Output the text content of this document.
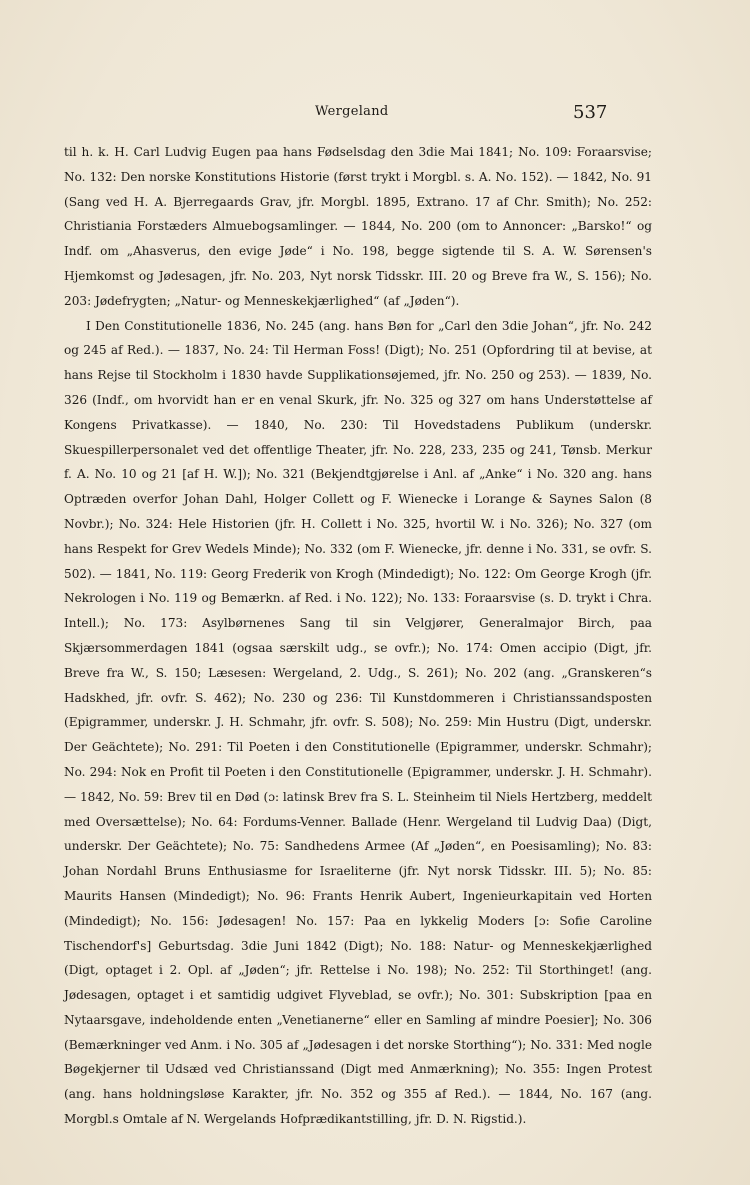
Wergeland	537

til h. k. H. Carl Ludvig Eugen paa hans Fødselsdag den 3die Mai 1841; No. 109: Foraarsvise; No. 132: Den norske Konstitutions Historie (først trykt i Morgbl. s. A. No. 152). — 1842, No. 91 (Sang ved H. A. Bjerregaards Grav, jfr. Morgbl. 1895, Extrano. 17 af Chr. Smith); No. 252: Christiania Forstæders Almuebogsamlinger. — 1844, No. 200 (om to Annoncer: „Barsko!“ og Indf. om „Ahasverus, den evige Jøde“ i No. 198, begge sigtende til S. A. W. Sørensen's Hjemkomst og Jødesagen, jfr. No. 203, Nyt norsk Tidsskr. III. 20 og Breve fra W., S. 156); No. 203: Jødefrygten; „Natur- og Menneskekjærlighed“ (af „Jøden“).

I Den Constitutionelle 1836, No. 245 (ang. hans Bøn for „Carl den 3die Johan“, jfr. No. 242 og 245 af Red.). — 1837, No. 24: Til Herman Foss! (Digt); No. 251 (Opfordring til at bevise, at hans Rejse til Stockholm i 1830 havde Supplikationsøjemed, jfr. No. 250 og 253). — 1839, No. 326 (Indf., om hvorvidt han er en venal Skurk, jfr. No. 325 og 327 om hans Understøttelse af Kongens Privatkasse). — 1840, No. 230: Til Hovedstadens Publikum (underskr. Skuespillerpersonalet ved det offentlige Theater, jfr. No. 228, 233, 235 og 241, Tønsb. Merkur f. A. No. 10 og 21 [af H. W.]); No. 321 (Bekjendtgjørelse i Anl. af „Anke“ i No. 320 ang. hans Optræden overfor Johan Dahl, Holger Collett og F. Wienecke i Lorange & Saynes Salon (8 Novbr.); No. 324: Hele Historien (jfr. H. Collett i No. 325, hvortil W. i No. 326); No. 327 (om hans Respekt for Grev Wedels Minde); No. 332 (om F. Wienecke, jfr. denne i No. 331, se ovfr. S. 502). — 1841, No. 119: Georg Frederik von Krogh (Mindedigt); No. 122: Om George Krogh (jfr. Nekrologen i No. 119 og Bemærkn. af Red. i No. 122); No. 133: Foraarsvise (s. D. trykt i Chra. Intell.); No. 173: Asylbørnenes Sang til sin Velgjører, Generalmajor Birch, paa Skjærsommerdagen 1841 (ogsaa særskilt udg., se ovfr.); No. 174: Omen accipio (Digt, jfr. Breve fra W., S. 150; Læsesen: Wergeland, 2. Udg., S. 261); No. 202 (ang. „Granskeren“s Hadskhed, jfr. ovfr. S. 462); No. 230 og 236: Til Kunstdommeren i Christianssandsposten (Epigrammer, underskr. J. H. Schmahr, jfr. ovfr. S. 508); No. 259: Min Hustru (Digt, underskr. Der Geächtete); No. 291: Til Poeten i den Constitutionelle (Epigrammer, underskr. Schmahr); No. 294: Nok en Profit til Poeten i den Constitutionelle (Epigrammer, underskr. J. H. Schmahr). — 1842, No. 59: Brev til en Død (ɔ: latinsk Brev fra S. L. Steinheim til Niels Hertzberg, meddelt med Oversættelse); No. 64: Fordums-Venner. Ballade (Henr. Wergeland til Ludvig Daa) (Digt, underskr. Der Geächtete); No. 75: Sandhedens Armee (Af „Jøden“, en Poesisamling); No. 83: Johan Nordahl Bruns Enthusiasme for Israeliterne (jfr. Nyt norsk Tidsskr. III. 5); No. 85: Maurits Hansen (Mindedigt); No. 96: Frants Henrik Aubert, Ingenieurkapitain ved Horten (Mindedigt); No. 156: Jødesagen! No. 157: Paa en lykkelig Moders [ɔ: Sofie Caroline Tischendorf's] Geburtsdag. 3die Juni 1842 (Digt); No. 188: Natur- og Menneskekjærlighed (Digt, optaget i 2. Opl. af „Jøden“; jfr. Rettelse i No. 198); No. 252: Til Storthinget! (ang. Jødesagen, optaget i et samtidig udgivet Flyveblad, se ovfr.); No. 301: Subskription [paa en Nytaarsgave, indeholdende enten „Venetianerne“ eller en Samling af mindre Poesier]; No. 306 (Bemærkninger ved Anm. i No. 305 af „Jødesagen i det norske Storthing“); No. 331: Med nogle Bøgekjerner til Udsæd ved Christianssand (Digt med Anmærkning); No. 355: Ingen Protest (ang. hans holdningsløse Karakter, jfr. No. 352 og 355 af Red.). — 1844, No. 167 (ang. Morgbl.s Omtale af N. Wergelands Hofprædikantstilling, jfr. D. N. Rigstid.).
